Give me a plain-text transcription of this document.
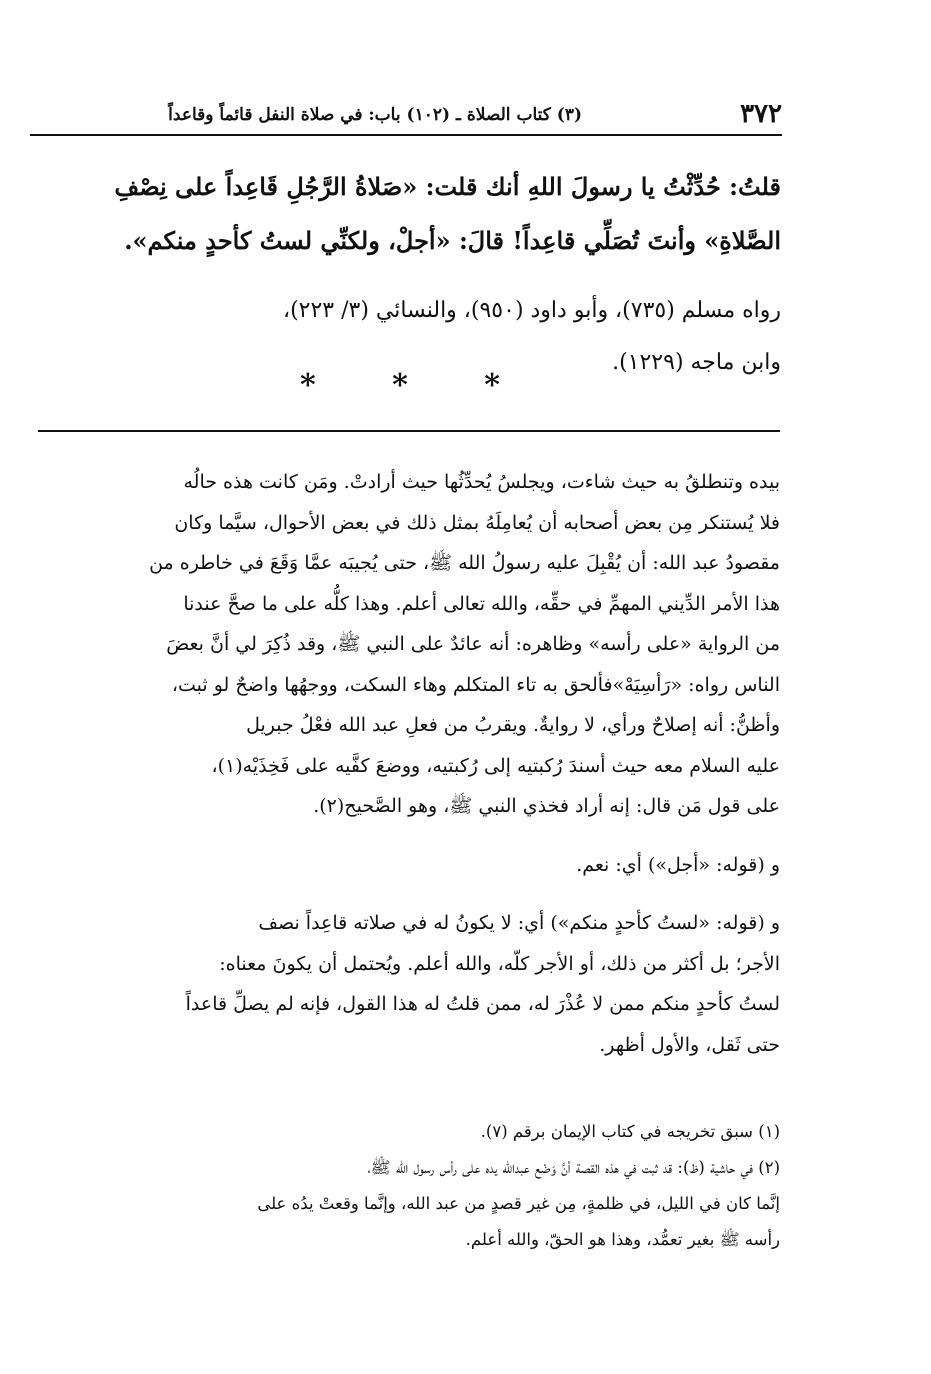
٣٧٢
(٣) كتاب الصلاة ـ (١٠٢) باب: في صلاة النفل قائماً وقاعداً

قلتُ: حُدِّثْتُ يا رسولَ اللهِ أنك قلت: «صَلاةُ الرَّجُلِ قَاعِداً على نِصْفِ

الصَّلاةِ» وأنتَ تُصَلِّي قاعِداً! قالَ: «أجلْ، ولكنِّي لستُ كأحدٍ منكم».

رواه مسلم (٧٣٥)، وأبو داود (٩٥٠)، والنسائي (٣/ ٢٢٣)،

وابن ماجه (١٢٢٩).

*	*	*

بيده وتنطلقُ به حيث شاءت، ويجلسُ يُحدِّثُها حيث أرادتْ. ومَن كانت هذه حالُه

فلا يُستنكر مِن بعض أصحابه أن يُعامِلَهُ بمثل ذلك في بعض الأحوال، سيَّما وكان

مقصودُ عبد الله: أن يُقْبِلَ عليه رسولُ الله ﷺ، حتى يُجيبَه عمَّا وَقَعَ في خاطره من

هذا الأمر الدِّيني المهمِّ في حقِّه، والله تعالى أعلم. وهذا كلُّه على ما صحَّ عندنا

من الرواية «على رأسه» وظاهره: أنه عائدٌ على النبي ﷺ، وقد ذُكِرَ لي أنَّ بعضَ

الناس رواه: «رَأسِيَهْ»فألحق به تاء المتكلم وهاء السكت، ووجهُها واضحٌ لو ثبت،

وأظنُّ: أنه إصلاحٌ ورأي، لا روايةٌ. ويقربُ من فعلِ عبد الله فعْلُ جبريل

عليه السلام معه حيث أسندَ رُكبتيه إلى رُكبتيه، ووضعَ كفَّيه على فَخِذَيْه(١)،

على قول مَن قال: إنه أراد فخذي النبي ﷺ، وهو الصَّحيح(٢).

و (قوله: «أجل») أي: نعم.

و (قوله: «لستُ كأحدٍ منكم») أي: لا يكونُ له في صلاته قاعِداً نصف

الأجر؛ بل أكثر من ذلك، أو الأجر كلّه، والله أعلم. ويُحتمل أن يكونَ معناه:

لستُ كأحدٍ منكم ممن لا عُذْرَ له، ممن قلتُ له هذا القول، فإنه لم يصلِّ قاعداً

حتى ثَقل، والأول أظهر.

(١) سبق تخريجه في كتاب الإيمان برقم (٧).

(٢) في حاشية (ظ): قد ثبت في هذه القصة أنَّ وَضْع عبدالله يده على رأس رسول الله ﷺ،

إنَّما كان في الليل، في ظلمةٍ، مِن غير قصدٍ من عبد الله، وإنَّما وقعتْ يدُه على

رأسه ﷺ بغير تعمُّد، وهذا هو الحقّ، والله أعلم.
